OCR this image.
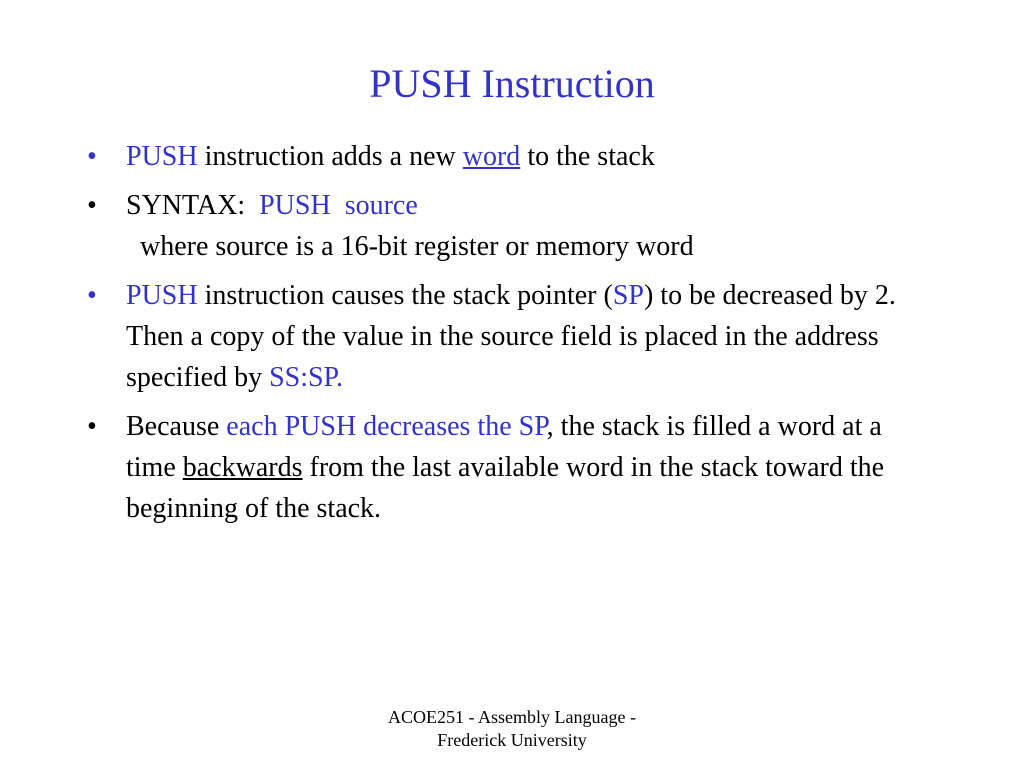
PUSH Instruction
• PUSH instruction adds a new word to the stack
• SYNTAX: PUSH source
where source is a 16-bit register or memory word
• PUSH instruction causes the stack pointer (SP) to be decreased by 2. Then a copy of the value in the source field is placed in the address specified by SS:SP.
• Because each PUSH decreases the SP, the stack is filled a word at a time backwards from the last available word in the stack toward the beginning of the stack.
ACOE251 - Assembly Language -
Frederick University
